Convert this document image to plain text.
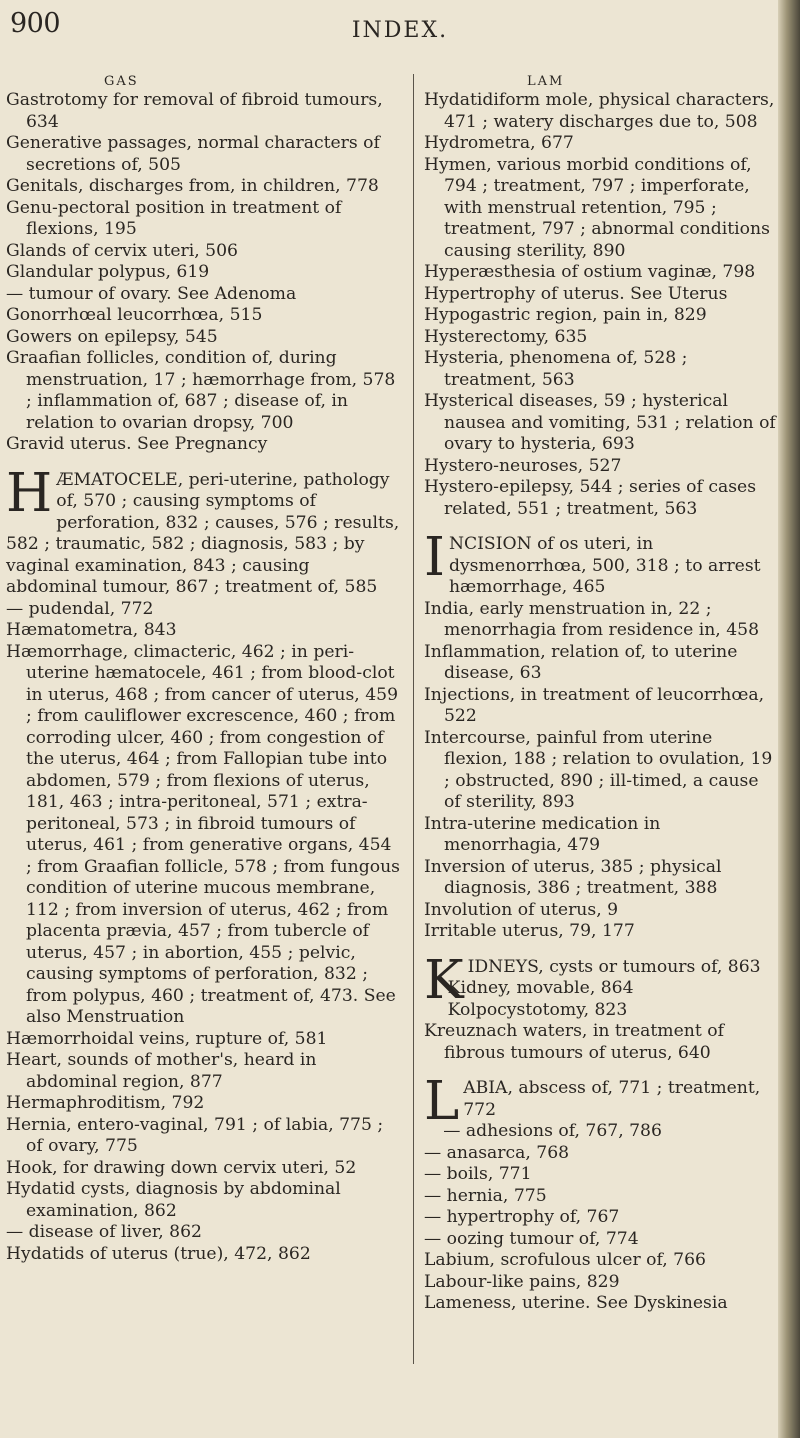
900	INDEX.
GAS	LAM

Gastrotomy for removal of fibroid tumours, 634

Generative passages, normal characters of secretions of, 505

Genitals, discharges from, in children, 778

Genu-pectoral position in treatment of flexions, 195

Glands of cervix uteri, 506

Glandular polypus, 619

— tumour of ovary. See Adenoma

Gonorrhœal leucorrhœa, 515

Gowers on epilepsy, 545

Graafian follicles, condition of, during menstruation, 17 ; hæmorrhage from, 578 ; inflammation of, 687 ; disease of, in relation to ovarian dropsy, 700

Gravid uterus. See Pregnancy

HÆMATOCELE, peri-uterine, pathology of, 570 ; causing symptoms of perforation, 832 ; causes, 576 ; results, 582 ; traumatic, 582 ; diagnosis, 583 ; by vaginal examination, 843 ; causing abdominal tumour, 867 ; treatment of, 585

— pudendal, 772

Hæmatometra, 843

Hæmorrhage, climacteric, 462 ; in peri-uterine hæmatocele, 461 ; from blood-clot in uterus, 468 ; from cancer of uterus, 459 ; from cauliflower excrescence, 460 ; from corroding ulcer, 460 ; from congestion of the uterus, 464 ; from Fallopian tube into abdomen, 579 ; from flexions of uterus, 181, 463 ; intra-peritoneal, 571 ; extra-peritoneal, 573 ; in fibroid tumours of uterus, 461 ; from generative organs, 454 ; from Graafian follicle, 578 ; from fungous condition of uterine mucous membrane, 112 ; from inversion of uterus, 462 ; from placenta prævia, 457 ; from tubercle of uterus, 457 ; in abortion, 455 ; pelvic, causing symptoms of perforation, 832 ; from polypus, 460 ; treatment of, 473. See also Menstruation

Hæmorrhoidal veins, rupture of, 581

Heart, sounds of mother's, heard in abdominal region, 877

Hermaphroditism, 792

Hernia, entero-vaginal, 791 ; of labia, 775 ; of ovary, 775

Hook, for drawing down cervix uteri, 52

Hydatid cysts, diagnosis by abdominal examination, 862

— disease of liver, 862

Hydatids of uterus (true), 472, 862

Hydatidiform mole, physical characters, 471 ; watery discharges due to, 508

Hydrometra, 677

Hymen, various morbid conditions of, 794 ; treatment, 797 ; imperforate, with menstrual retention, 795 ; treatment, 797 ; abnormal conditions causing sterility, 890

Hyperæsthesia of ostium vaginæ, 798

Hypertrophy of uterus. See Uterus

Hypogastric region, pain in, 829

Hysterectomy, 635

Hysteria, phenomena of, 528 ; treatment, 563

Hysterical diseases, 59 ; hysterical nausea and vomiting, 531 ; relation of ovary to hysteria, 693

Hystero-neuroses, 527

Hystero-epilepsy, 544 ; series of cases related, 551 ; treatment, 563

INCISION of os uteri, in dysmenorrhœa, 500, 318 ; to arrest hæmorrhage, 465

India, early menstruation in, 22 ; menorrhagia from residence in, 458

Inflammation, relation of, to uterine disease, 63

Injections, in treatment of leucorrhœa, 522

Intercourse, painful from uterine flexion, 188 ; relation to ovulation, 19 ; obstructed, 890 ; ill-timed, a cause of sterility, 893

Intra-uterine medication in menorrhagia, 479

Inversion of uterus, 385 ; physical diagnosis, 386 ; treatment, 388

Involution of uterus, 9

Irritable uterus, 79, 177

KIDNEYS, cysts or tumours of, 863

Kidney, movable, 864

Kolpocystotomy, 823

Kreuznach waters, in treatment of fibrous tumours of uterus, 640

LABIA, abscess of, 771 ; treatment, 772

— adhesions of, 767, 786

— anasarca, 768

— boils, 771

— hernia, 775

— hypertrophy of, 767

— oozing tumour of, 774

Labium, scrofulous ulcer of, 766

Labour-like pains, 829

Lameness, uterine. See Dyskinesia
